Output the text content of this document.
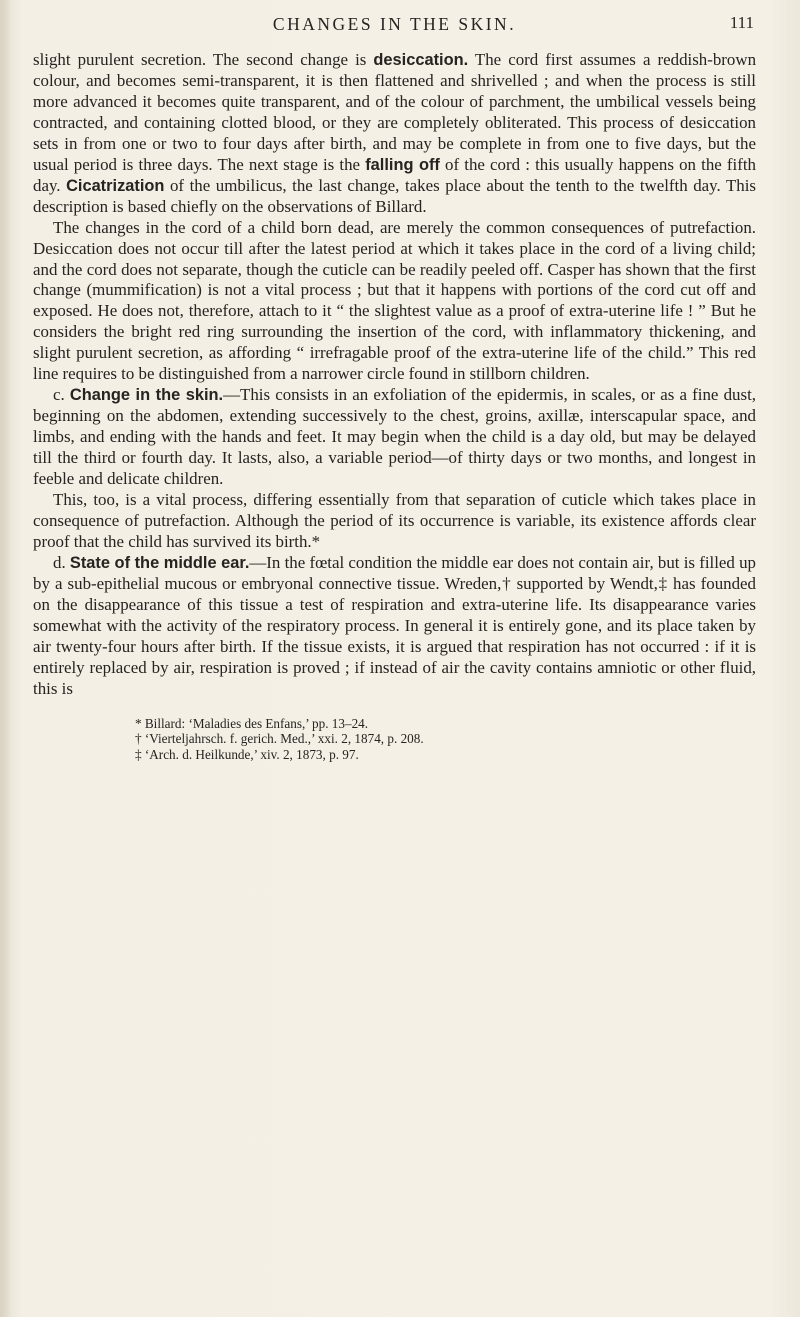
CHANGES IN THE SKIN.	111

slight purulent secretion. The second change is desiccation. The cord first assumes a reddish-brown colour, and becomes semi-transparent, it is then flattened and shrivelled ; and when the process is still more advanced it becomes quite transparent, and of the colour of parchment, the umbilical vessels being contracted, and containing clotted blood, or they are completely obliterated. This process of desiccation sets in from one or two to four days after birth, and may be complete in from one to five days, but the usual period is three days. The next stage is the falling off of the cord : this usually happens on the fifth day. Cicatrization of the umbilicus, the last change, takes place about the tenth to the twelfth day. This description is based chiefly on the observations of Billard.

The changes in the cord of a child born dead, are merely the common consequences of putrefaction. Desiccation does not occur till after the latest period at which it takes place in the cord of a living child; and the cord does not separate, though the cuticle can be readily peeled off. Casper has shown that the first change (mummification) is not a vital process ; but that it happens with portions of the cord cut off and exposed. He does not, therefore, attach to it “ the slightest value as a proof of extra-uterine life ! ” But he considers the bright red ring surrounding the insertion of the cord, with inflammatory thickening, and slight purulent secretion, as affording “ irrefragable proof of the extra-uterine life of the child.” This red line requires to be distinguished from a narrower circle found in stillborn children.

c. Change in the skin.—This consists in an exfoliation of the epidermis, in scales, or as a fine dust, beginning on the abdomen, extending successively to the chest, groins, axillæ, interscapular space, and limbs, and ending with the hands and feet. It may begin when the child is a day old, but may be delayed till the third or fourth day. It lasts, also, a variable period—of thirty days or two months, and longest in feeble and delicate children.

This, too, is a vital process, differing essentially from that separation of cuticle which takes place in consequence of putrefaction. Although the period of its occurrence is variable, its existence affords clear proof that the child has survived its birth.*

d. State of the middle ear.—In the fœtal condition the middle ear does not contain air, but is filled up by a sub-epithelial mucous or embryonal connective tissue. Wreden,† supported by Wendt,‡ has founded on the disappearance of this tissue a test of respiration and extra-uterine life. Its disappearance varies somewhat with the activity of the respiratory process. In general it is entirely gone, and its place taken by air twenty-four hours after birth. If the tissue exists, it is argued that respiration has not occurred : if it is entirely replaced by air, respiration is proved ; if instead of air the cavity contains amniotic or other fluid, this is

* Billard: ‘Maladies des Enfans,’ pp. 13–24.
† ‘Vierteljahrsch. f. gerich. Med.,’ xxi. 2, 1874, p. 208.
‡ ‘Arch. d. Heilkunde,’ xiv. 2, 1873, p. 97.
